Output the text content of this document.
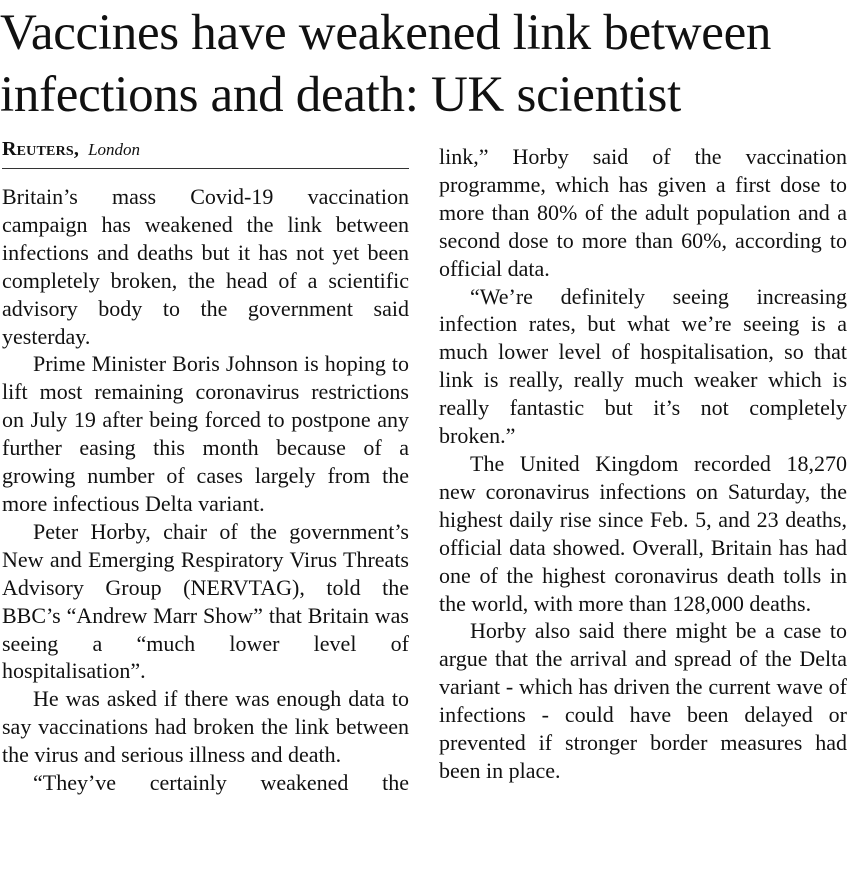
Vaccines have weakened link between
infections and death: UK scientist
Reuters, London

Britain’s mass Covid-19 vaccination campaign has weakened the link between infections and deaths but it has not yet been completely broken, the head of a scientific advisory body to the government said yesterday.

Prime Minister Boris Johnson is hoping to lift most remaining coronavirus restrictions on July 19 after being forced to postpone any further easing this month because of a growing number of cases largely from the more infectious Delta variant.

Peter Horby, chair of the government’s New and Emerging Respiratory Virus Threats Advisory Group (NERVTAG), told the BBC’s “Andrew Marr Show” that Britain was seeing a “much lower level of hospitalisation”.

He was asked if there was enough data to say vaccinations had broken the link between the virus and serious illness and death.

“They’ve certainly weakened the

link,” Horby said of the vaccination programme, which has given a first dose to more than 80% of the adult population and a second dose to more than 60%, according to official data.

“We’re definitely seeing increasing infection rates, but what we’re seeing is a much lower level of hospitalisation, so that link is really, really much weaker which is really fantastic but it’s not completely broken.”

The United Kingdom recorded 18,270 new coronavirus infections on Saturday, the highest daily rise since Feb. 5, and 23 deaths, official data showed. Overall, Britain has had one of the highest coronavirus death tolls in the world, with more than 128,000 deaths.

Horby also said there might be a case to argue that the arrival and spread of the Delta variant - which has driven the current wave of infections - could have been delayed or prevented if stronger border measures had been in place.
